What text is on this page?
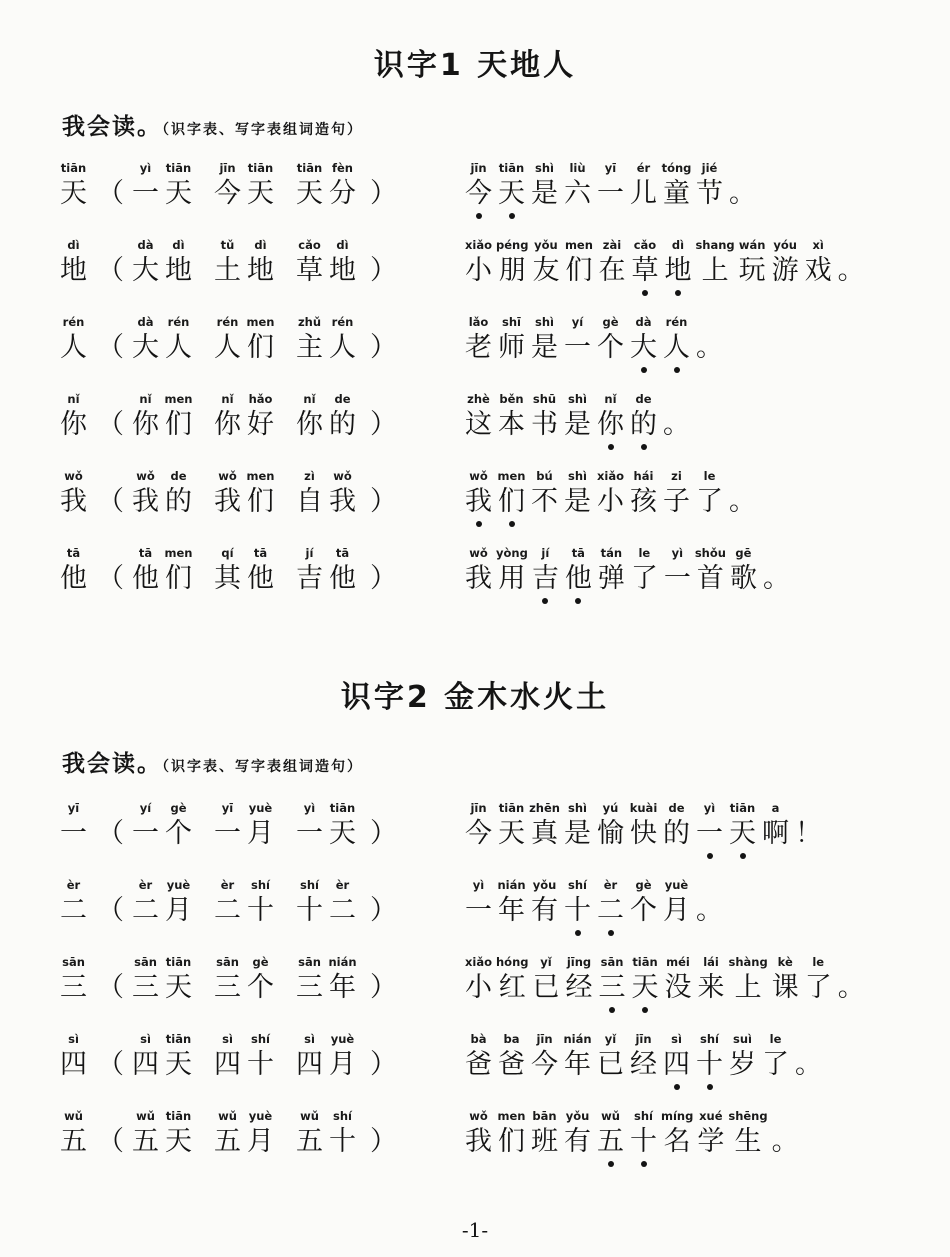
识字1 天地人
我会读。（识字表、写字表组词造句）
tiān
天 （
yì
一
tiān
天
jīn
今
tiān
天
tiān
天
fèn
分 ）
jīn
今
tiān
天
shì
是
liù
六
yī
一
ér
儿
tóng
童
jié
节 。
dì
地 （
dà
大
dì
地
tǔ
土
dì
地
cǎo
草
dì
地 ）
xiǎo
小
péng
朋
yǒu
友
men
们
zài
在
cǎo
草
dì
地
shang
上
wán
玩
yóu
游
xì
戏 。
rén
人 （
dà
大
rén
人
rén
人
men
们
zhǔ
主
rén
人 ）
lǎo
老
shī
师
shì
是
yí
一
gè
个
dà
大
rén
人 。
nǐ
你 （
nǐ
你
men
们
nǐ
你
hǎo
好
nǐ
你
de
的 ）
zhè
这
běn
本
shū
书
shì
是
nǐ
你
de
的 。
wǒ
我 （
wǒ
我
de
的
wǒ
我
men
们
zì
自
wǒ
我 ）
wǒ
我
men
们
bú
不
shì
是
xiǎo
小
hái
孩
zi
子
le
了 。
tā
他 （
tā
他
men
们
qí
其
tā
他
jí
吉
tā
他 ）
wǒ
我
yòng
用
jí
吉
tā
他
tán
弹
le
了
yì
一
shǒu
首
gē
歌 。
识字2 金木水火土
我会读。（识字表、写字表组词造句）
yī
一 （
yí
一
gè
个
yī
一
yuè
月
yì
一
tiān
天 ）
jīn
今
tiān
天
zhēn
真
shì
是
yú
愉
kuài
快
de
的
yì
一
tiān
天
a
啊 ！
èr
二 （
èr
二
yuè
月
èr
二
shí
十
shí
十
èr
二 ）
yì
一
nián
年
yǒu
有
shí
十
èr
二
gè
个
yuè
月 。
sān
三 （
sān
三
tiān
天
sān
三
gè
个
sān
三
nián
年 ）
xiǎo
小
hóng
红
yǐ
已
jīng
经
sān
三
tiān
天
méi
没
lái
来
shàng
上
kè
课
le
了 。
sì
四 （
sì
四
tiān
天
sì
四
shí
十
sì
四
yuè
月 ）
bà
爸
ba
爸
jīn
今
nián
年
yǐ
已
jīn
经
sì
四
shí
十
suì
岁
le
了 。
wǔ
五 （
wǔ
五
tiān
天
wǔ
五
yuè
月
wǔ
五
shí
十 ）
wǒ
我
men
们
bān
班
yǒu
有
wǔ
五
shí
十
míng
名
xué
学
shēng
生 。
-1-
